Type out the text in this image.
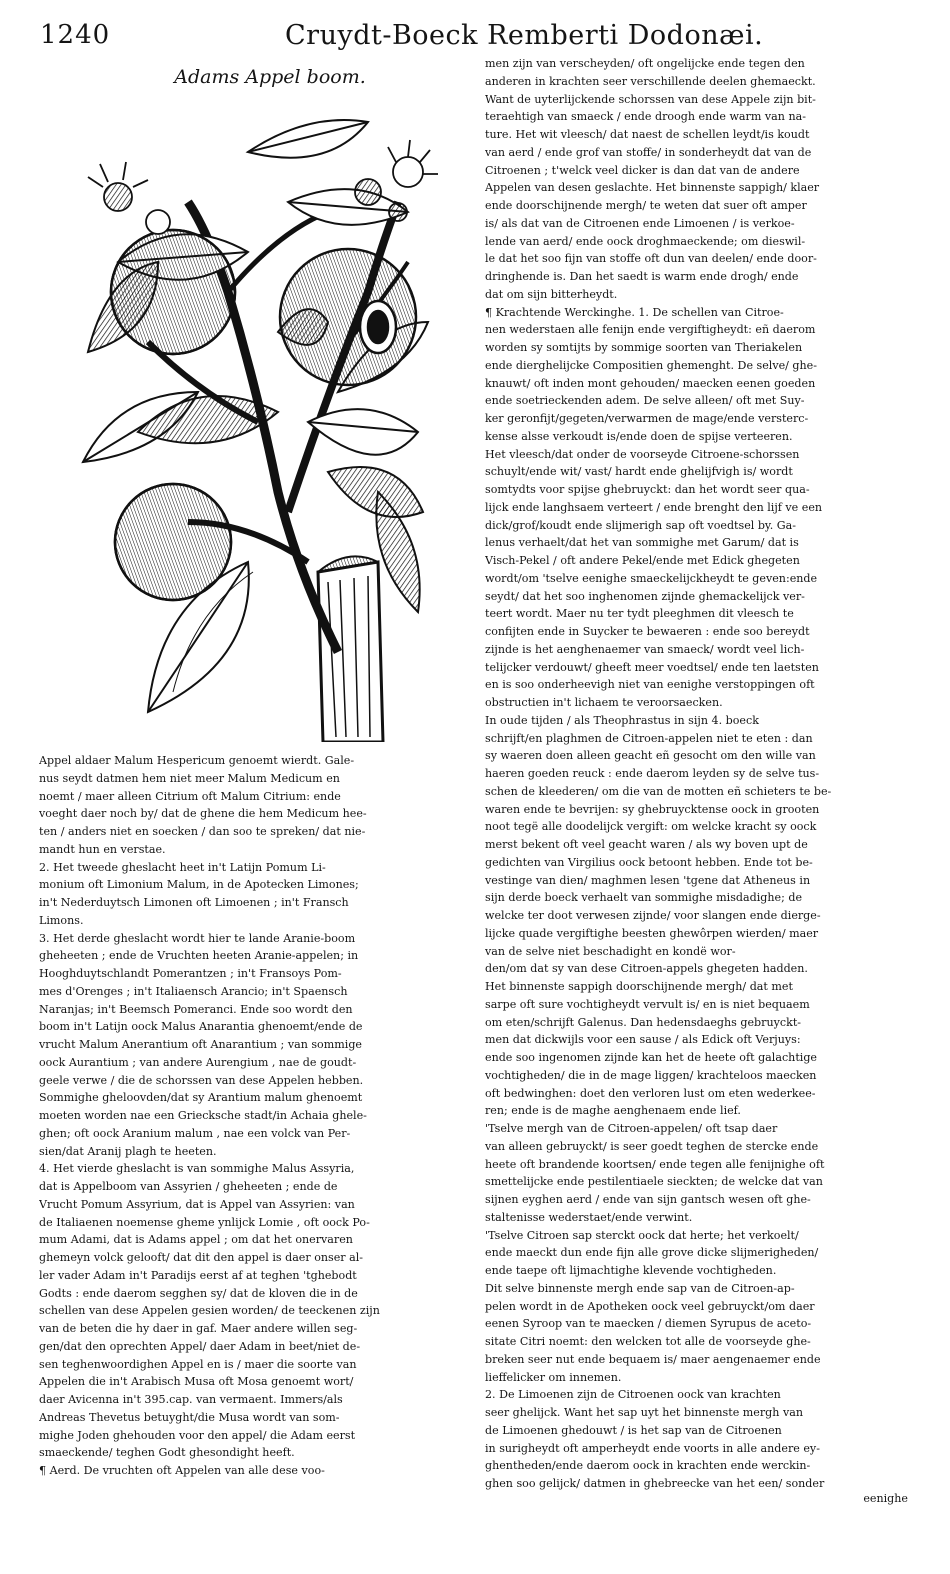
1240	Cruydt-Boeck Remberti Dodonæi.
Adams Appel boom.
Appel aldaer Malum Hespericum genoemt wierdt. Gale-
nus seydt datmen hem niet meer Malum Medicum en
noemt / maer alleen Citrium oft Malum Citrium: ende
voeght daer noch by/ dat de ghene die hem Medicum hee-
ten / anders niet en soecken / dan soo te spreken/ dat nie-
mandt hun en verstae.
2. Het tweede gheslacht heet in't Latijn Pomum Li-
monium oft Limonium Malum, in de Apotecken Limones;
in't Nederduytsch Limonen oft Limoenen ; in't Fransch
Limons.
3. Het derde gheslacht wordt hier te lande Aranie-boom
gheheeten ; ende de Vruchten heeten Aranie-appelen; in
Hooghduytschlandt Pomerantzen ; in't Fransoys Pom-
mes d'Orenges ; in't Italiaensch Arancio; in't Spaensch
Naranjas; in't Beemsch Pomeranci. Ende soo wordt den
boom in't Latijn oock Malus Anarantia ghenoemt/ende de
vrucht Malum Anerantium oft Anarantium ; van sommige
oock Aurantium ; van andere Aurengium , nae de goudt-
geele verwe / die de schorssen van dese Appelen hebben.
Sommighe gheloovden/dat sy Arantium malum ghenoemt
moeten worden nae een Griecksche stadt/in Achaia ghele-
ghen; oft oock Aranium malum , nae een volck van Per-
sien/dat Aranij plagh te heeten.
4. Het vierde gheslacht is van sommighe Malus Assyria,
dat is Appelboom van Assyrien / gheheeten ; ende de
Vrucht Pomum Assyrium, dat is Appel van Assyrien: van
de Italiaenen noemense gheme ynlijck Lomie , oft oock Po-
mum Adami, dat is Adams appel ; om dat het onervaren
ghemeyn volck gelooft/ dat dit den appel is daer onser al-
ler vader Adam in't Paradijs eerst af at teghen 'tghebodt
Godts : ende daerom segghen sy/ dat de kloven die in de
schellen van dese Appelen gesien worden/ de teeckenen zijn
van de beten die hy daer in gaf. Maer andere willen seg-
gen/dat den oprechten Appel/ daer Adam in beet/niet de-
sen teghenwoordighen Appel en is / maer die soorte van
Appelen die in't Arabisch Musa oft Mosa genoemt wort/
daer Avicenna in't 395.cap. van vermaent. Immers/als
Andreas Thevetus betuyght/die Musa wordt van som-
mighe Joden ghehouden voor den appel/ die Adam eerst
smaeckende/ teghen Godt ghesondight heeft.
¶ Aerd. De vruchten oft Appelen van alle dese voo-
men zijn van verscheyden/ oft ongelijcke ende tegen den
anderen in krachten seer verschillende deelen ghemaeckt.
Want de uyterlijckende schorssen van dese Appele zijn bit-
teraehtigh van smaeck / ende droogh ende warm van na-
ture. Het wit vleesch/ dat naest de schellen leydt/is koudt
van aerd / ende grof van stoffe/ in sonderheydt dat van de
Citroenen ; t'welck veel dicker is dan dat van de andere
Appelen van desen geslachte. Het binnenste sappigh/ klaer
ende doorschijnende mergh/ te weten dat suer oft amper
is/ als dat van de Citroenen ende Limoenen / is verkoe-
lende van aerd/ ende oock droghmaeckende; om dieswil-
le dat het soo fijn van stoffe oft dun van deelen/ ende door-
dringhende is. Dan het saedt is warm ende drogh/ ende
dat om sijn bitterheydt.
¶ Krachtende Werckinghe. 1. De schellen van Citroe-
nen wederstaen alle fenijn ende vergiftigheydt: eñ daerom
worden sy somtijts by sommige soorten van Theriakelen
ende dierghelijcke Compositien ghemenght. De selve/ ghe-
knauwt/ oft inden mont gehouden/ maecken eenen goeden
ende soetrieckenden adem. De selve alleen/ oft met Suy-
ker geronfijt/gegeten/verwarmen de mage/ende versterc-
kense alsse verkoudt is/ende doen de spijse verteeren.
Het vleesch/dat onder de voorseyde Citroene-schorssen
schuylt/ende wit/ vast/ hardt ende ghelijfvigh is/ wordt
somtydts voor spijse ghebruyckt: dan het wordt seer qua-
lijck ende langhsaem verteert / ende brenght den lijf ve een
dick/grof/koudt ende slijmerigh sap oft voedtsel by. Ga-
lenus verhaelt/dat het van sommighe met Garum/ dat is
Visch-Pekel / oft andere Pekel/ende met Edick ghegeten
wordt/om 'tselve eenighe smaeckelijckheydt te geven:ende
seydt/ dat het soo inghenomen zijnde ghemackelijck ver-
teert wordt. Maer nu ter tydt pleeghmen dit vleesch te
confijten ende in Suycker te bewaeren : ende soo bereydt
zijnde is het aenghenaemer van smaeck/ wordt veel lich-
telijcker verdouwt/ gheeft meer voedtsel/ ende ten laetsten
en is soo onderheevigh niet van eenighe verstoppingen oft
obstructien in't lichaem te veroorsaecken.
In oude tijden / als Theophrastus in sijn 4. boeck
schrijft/en plaghmen de Citroen-appelen niet te eten : dan
sy waeren doen alleen geacht eñ gesocht om den wille van
haeren goeden reuck : ende daerom leyden sy de selve tus-
schen de kleederen/ om die van de motten eñ schieters te be-
waren ende te bevrijen: sy ghebruycktense oock in grooten
noot tegë alle doodelijck vergift: om welcke kracht sy oock
merst bekent oft veel geacht waren / als wy boven upt de
gedichten van Virgilius oock betoont hebben. Ende tot be-
vestinge van dien/ maghmen lesen 'tgene dat Atheneus in
sijn derde boeck verhaelt van sommighe misdadighe; de
welcke ter doot verwesen zijnde/ voor slangen ende dierge-
lijcke quade vergiftighe beesten ghewôrpen wierden/ maer
van de selve niet beschadight en kondë wor-
den/om dat sy van dese Citroen-appels ghegeten hadden.
Het binnenste sappigh doorschijnende mergh/ dat met
sarpe oft sure vochtigheydt vervult is/ en is niet bequaem
om eten/schrijft Galenus. Dan hedensdaeghs gebruyckt-
men dat dickwijls voor een sause / als Edick oft Verjuys:
ende soo ingenomen zijnde kan het de heete oft galachtige
vochtigheden/ die in de mage liggen/ krachteloos maecken
oft bedwinghen: doet den verloren lust om eten wederkee-
ren; ende is de maghe aenghenaem ende lief.
'Tselve mergh van de Citroen-appelen/ oft tsap daer
van alleen gebruyckt/ is seer goedt teghen de stercke ende
heete oft brandende koortsen/ ende tegen alle fenijnighe oft
smettelijcke ende pestilentiaele sieckten; de welcke dat van
sijnen eyghen aerd / ende van sijn gantsch wesen oft ghe-
staltenisse wederstaet/ende verwint.
'Tselve Citroen sap sterckt oock dat herte; het verkoelt/
ende maeckt dun ende fijn alle grove dicke slijmerigheden/
ende taepe oft lijmachtighe klevende vochtigheden.
Dit selve binnenste mergh ende sap van de Citroen-ap-
pelen wordt in de Apotheken oock veel gebruyckt/om daer
eenen Syroop van te maecken / diemen Syrupus de aceto-
sitate Citri noemt: den welcken tot alle de voorseyde ghe-
breken seer nut ende bequaem is/ maer aengenaemer ende
lieffelicker om innemen.
2. De Limoenen zijn de Citroenen oock van krachten
seer ghelijck. Want het sap uyt het binnenste mergh van
de Limoenen ghedouwt / is het sap van de Citroenen
in surigheydt oft amperheydt ende voorts in alle andere ey-
ghentheden/ende daerom oock in krachten ende werckin-
ghen soo gelijck/ datmen in ghebreecke van het een/ sonder
eenighe
